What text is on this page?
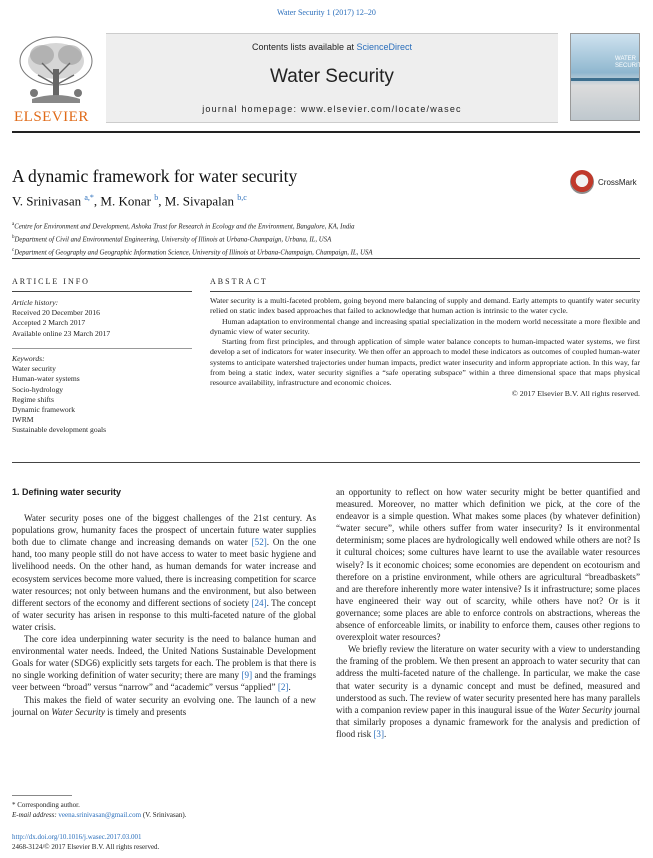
Water Security 1 (2017) 12–20
ELSEVIER
Contents lists available at ScienceDirect
Water Security
journal homepage: www.elsevier.com/locate/wasec
WATER
SECURITY
A dynamic framework for water security	CrossMark
V. Srinivasan $^{a,*}$, M. Konar $^b$, M. Sivapalan $^{b,c}$
$^a$Centre for Environment and Development, Ashoka Trust for Research in Ecology and the Environment, Bangalore, KA, India
$^b$Department of Civil and Environmental Engineering, University of Illinois at Urbana-Champaign, Urbana, IL, USA
$^c$Department of Geography and Geographic Information Science, University of Illinois at Urbana-Champaign, Champaign, IL, USA
ARTICLE INFO
Article history:
Received 20 December 2016
Accepted 2 March 2017
Available online 23 March 2017
Keywords:
Water security
Human-water systems
Socio-hydrology
Regime shifts
Dynamic framework
IWRM
Sustainable development goals
ABSTRACT

Water security is a multi-faceted problem, going beyond mere balancing of supply and demand. Early attempts to quantify water security relied on static index based approaches that failed to acknowledge that human action is intrinsic to the water cycle.

Human adaptation to environmental change and increasing spatial specialization in the modern world necessitate a more flexible and dynamic view of water security.

Starting from first principles, and through application of simple water balance concepts to human-impacted water systems, we first develop a set of indicators for water insecurity. We then offer an approach to model these indicators as outcomes of coupled human-water systems to anticipate watershed trajectories under human impacts, predict water insecurity and inform appropriate action. In this way, far from being a static index, water security signifies a “safe operating subspace” within a three dimensional space that maps physical resource availability, infrastructure and economic choices.

© 2017 Elsevier B.V. All rights reserved.
1. Defining water security

Water security poses one of the biggest challenges of the 21st century. As populations grow, humanity faces the prospect of uncertain future water supplies both due to climate change and increasing demands on water [52]. On the one hand, too many people still do not have access to water to meet basic hygiene and livelihood needs. On the other hand, as human demands for water increase and ecosystem services become more valued, there is increasing competition for scarce water resources; not only between humans and the environment, but also between different sectors of the economy and different sections of society [24]. The concept of water security has arisen in response to this multi-faceted nature of the global water crisis.

The core idea underpinning water security is the need to balance human and environmental water needs. Indeed, the United Nations Sustainable Development Goals for water (SDG6) explicitly sets targets for each. The problem is that there is no single working definition of water security; there are many [9] and the framings veer between “broad” versus “narrow” and “academic” versus “applied” [2].

This makes the field of water security an evolving one. The launch of a new journal on Water Security is timely and presents

an opportunity to reflect on how water security might be better quantified and measured. Moreover, no matter which definition we pick, at the core of the endeavor is a simple question. What makes some places (by whatever definition) “water secure”, while others suffer from water insecurity? Is it environmental determinism; some places are hydrologically well endowed while others are not? Is it cultural choices; some cultures have learnt to use the available water resources wisely? Is it economic choices; some economies are dependent on ecotourism and therefore on a pristine environment, while others are agricultural “breadbaskets” and are therefore inherently more water intensive? Is it infrastructure; some places have engineered their way out of scarcity, while others have not? Or is it governance; some places are able to enforce controls on abstractions, whereas the absence of enforceable limits, or inability to enforce them, causes other regions to overexploit water resources?

We briefly review the literature on water security with a view to understanding the framing of the problem. We then present an approach to water security that can address the multi-faceted nature of the challenge. In particular, we make the case that water security is a dynamic concept and must be defined, measured and understood as such. The review of water security presented here has many parallels with a companion review paper in this inaugural issue of the Water Security journal that similarly proposes a dynamic framework for the analysis and prediction of flood risk [3].

* Corresponding author.
E-mail address: veena.srinivasan@gmail.com (V. Srinivasan).
http://dx.doi.org/10.1016/j.wasec.2017.03.001
2468-3124/© 2017 Elsevier B.V. All rights reserved.
